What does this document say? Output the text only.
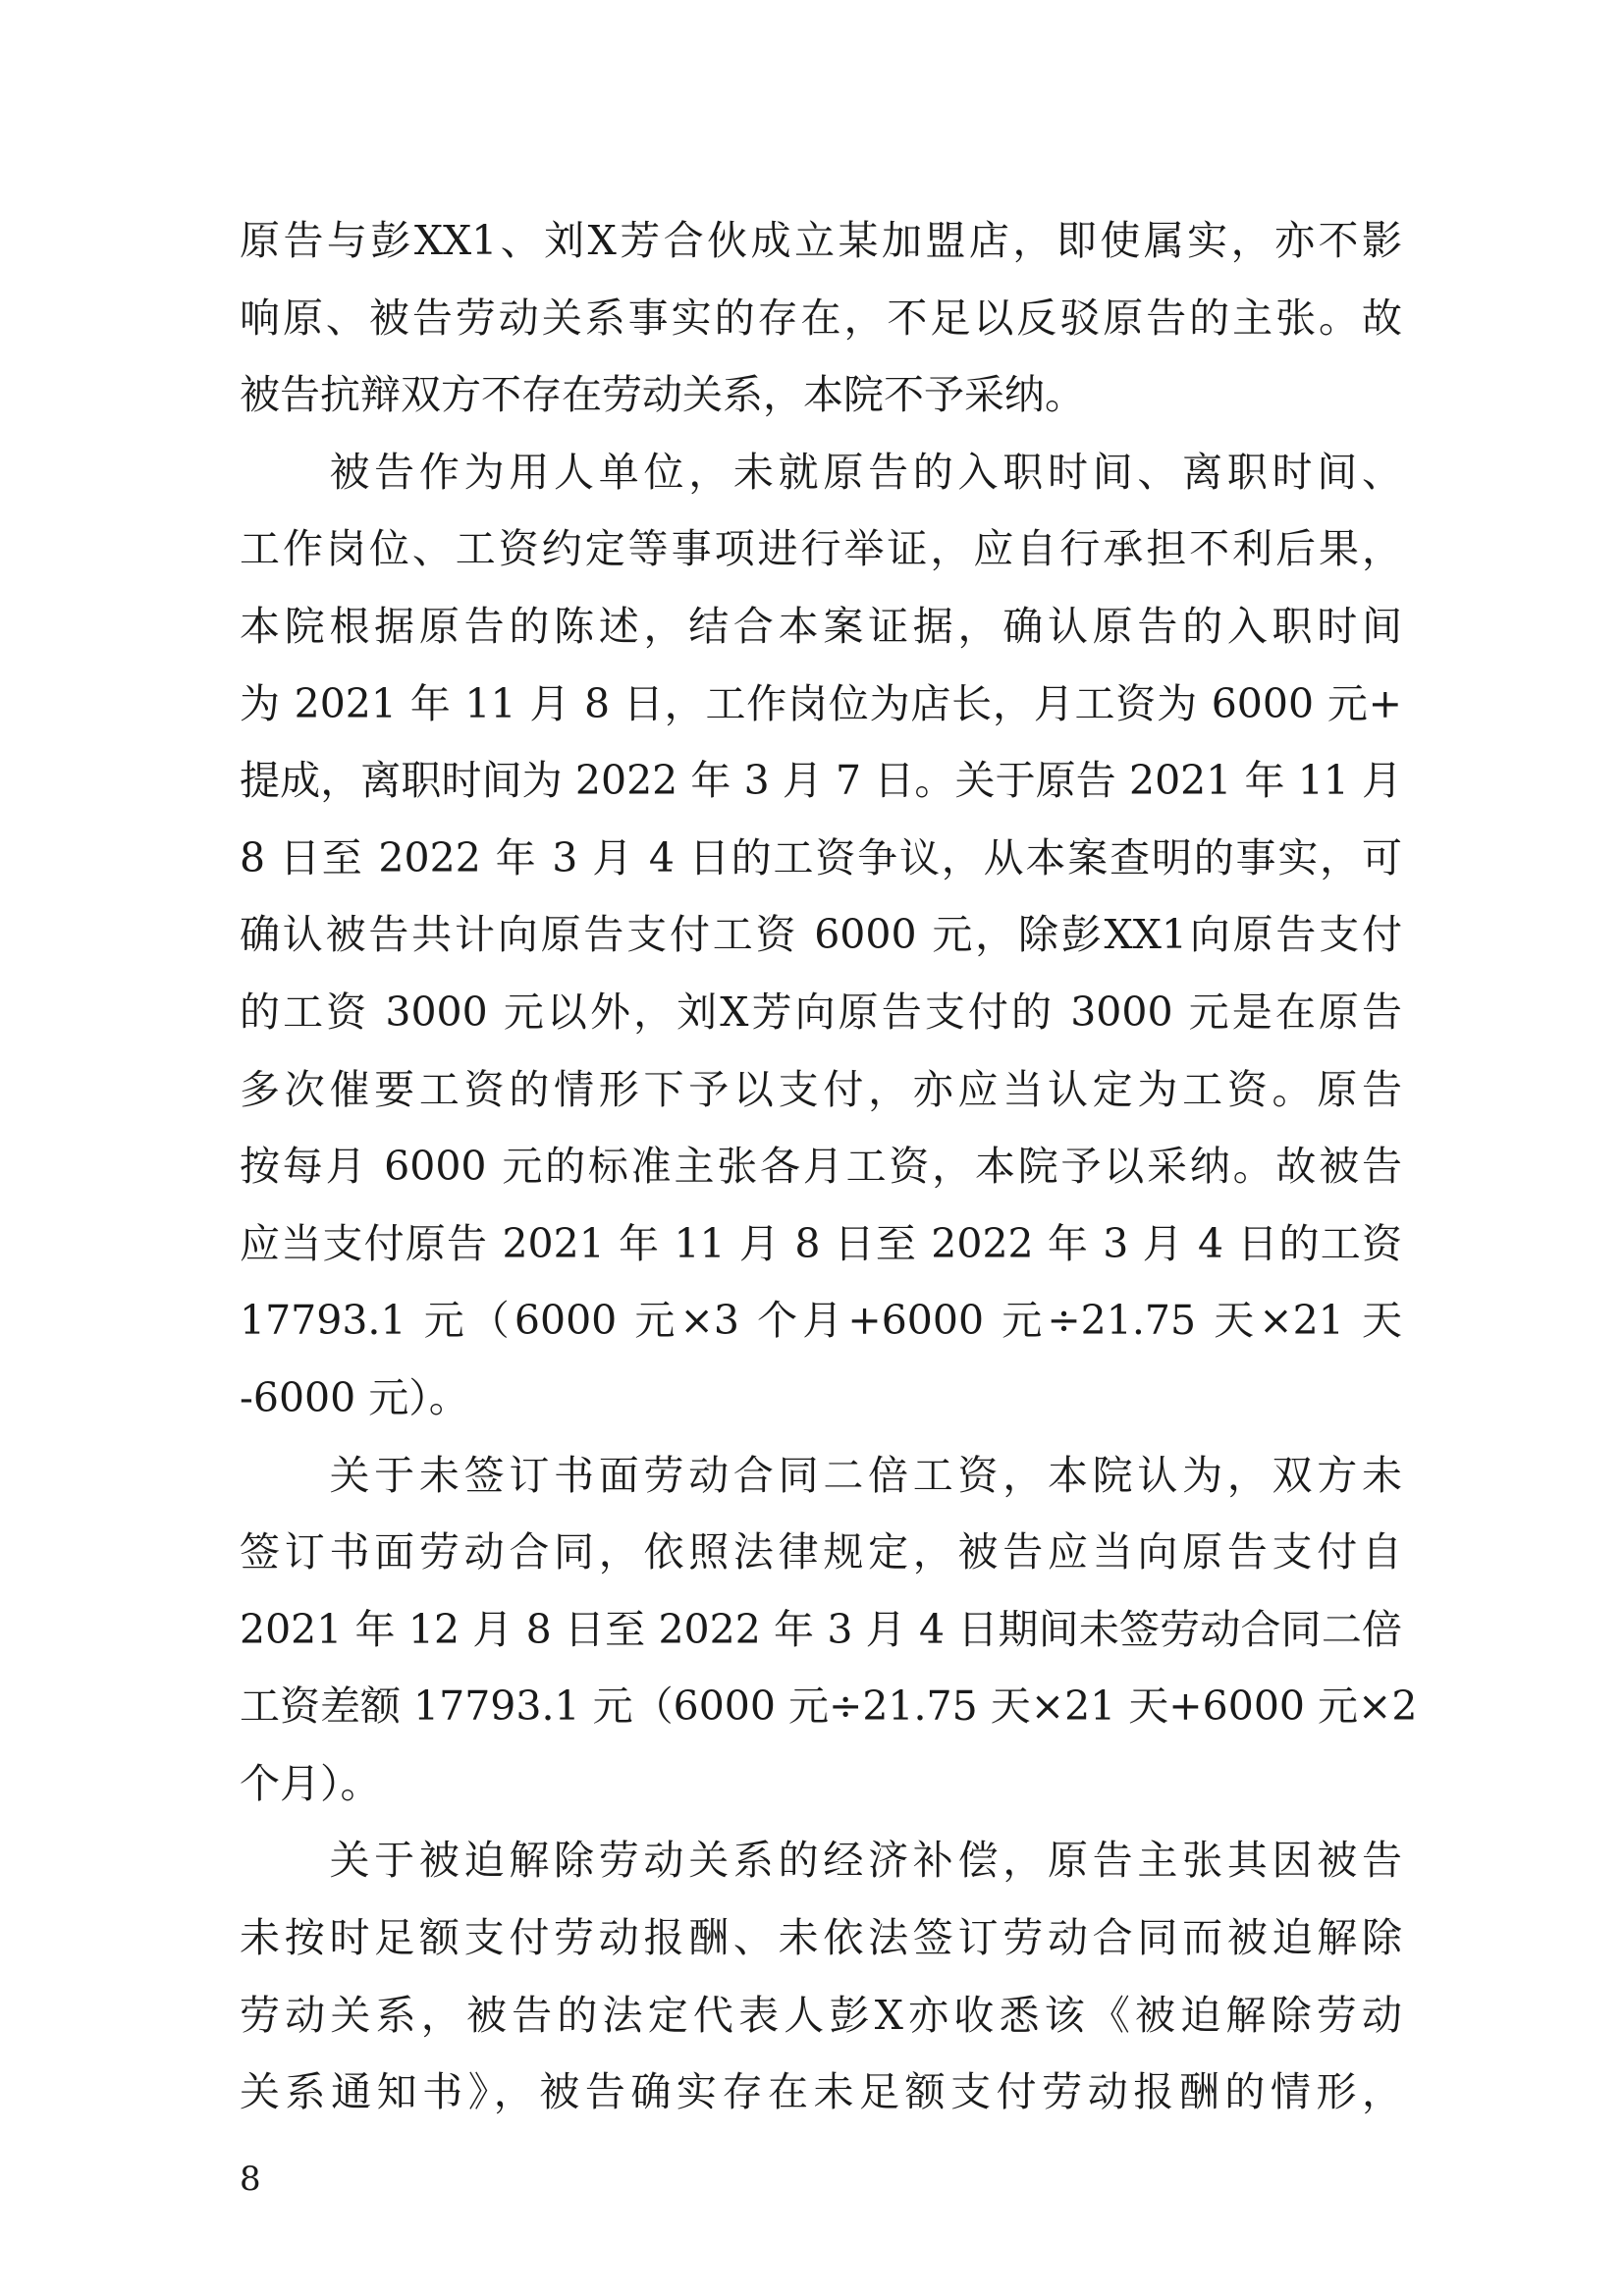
原告与彭XX1、刘X芳合伙成立某加盟店，即使属实，亦不影
响原、被告劳动关系事实的存在，不足以反驳原告的主张。故
被告抗辩双方不存在劳动关系，本院不予采纳。
　　被告作为用人单位，未就原告的入职时间、离职时间、
工作岗位、工资约定等事项进行举证，应自行承担不利后果，
本院根据原告的陈述，结合本案证据，确认原告的入职时间
为 2021 年 11 月 8 日，工作岗位为店长，月工资为 6000 元+
提成，离职时间为 2022 年 3 月 7 日。关于原告 2021 年 11 月
8 日至 2022 年 3 月 4 日的工资争议，从本案查明的事实，可
确认被告共计向原告支付工资 6000 元，除彭XX1向原告支付
的工资 3000 元以外，刘X芳向原告支付的 3000 元是在原告
多次催要工资的情形下予以支付，亦应当认定为工资。原告
按每月 6000 元的标准主张各月工资，本院予以采纳。故被告
应当支付原告 2021 年 11 月 8 日至 2022 年 3 月 4 日的工资
17793.1 元（6000 元×3 个月+6000 元÷21.75 天×21 天
-6000 元）。
　　关于未签订书面劳动合同二倍工资，本院认为，双方未
签订书面劳动合同，依照法律规定，被告应当向原告支付自
2021 年 12 月 8 日至 2022 年 3 月 4 日期间未签劳动合同二倍
工资差额 17793.1 元（6000 元÷21.75 天×21 天+6000 元×2
个月）。
　　关于被迫解除劳动关系的经济补偿，原告主张其因被告
未按时足额支付劳动报酬、未依法签订劳动合同而被迫解除
劳动关系，被告的法定代表人彭X亦收悉该《被迫解除劳动
关系通知书》，被告确实存在未足额支付劳动报酬的情形，
8
